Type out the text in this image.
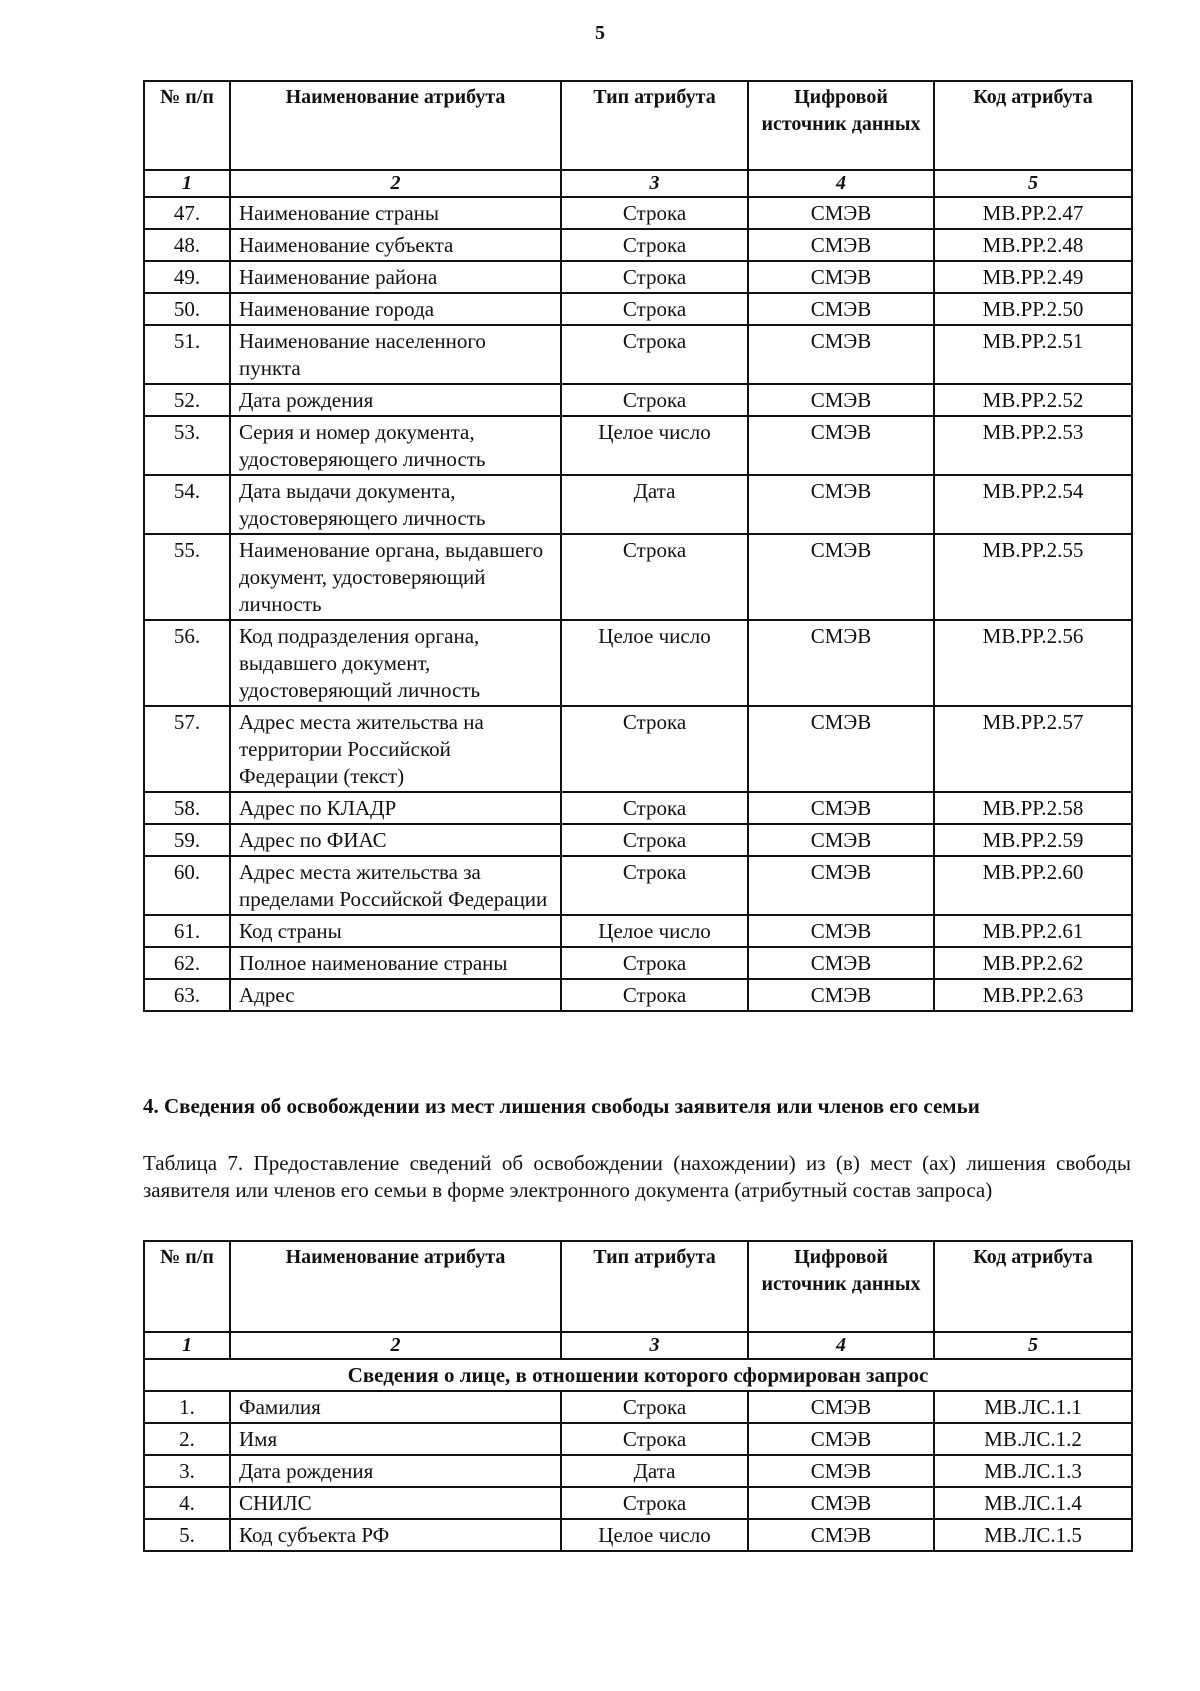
5
№ п/п	Наименование атрибута	Тип атрибута	Цифровой источник данных	Код атрибута
1	2	3	4	5
47.	Наименование страны	Строка	СМЭВ	МВ.РР.2.47
48.	Наименование субъекта	Строка	СМЭВ	МВ.РР.2.48
49.	Наименование района	Строка	СМЭВ	МВ.РР.2.49
50.	Наименование города	Строка	СМЭВ	МВ.РР.2.50
51.	Наименование населенного пункта	Строка	СМЭВ	МВ.РР.2.51
52.	Дата рождения	Строка	СМЭВ	МВ.РР.2.52
53.	Серия и номер документа, удостоверяющего личность	Целое число	СМЭВ	МВ.РР.2.53
54.	Дата выдачи документа, удостоверяющего личность	Дата	СМЭВ	МВ.РР.2.54
55.	Наименование органа, выдавшего документ, удостоверяющий личность	Строка	СМЭВ	МВ.РР.2.55
56.	Код подразделения органа, выдавшего документ, удостоверяющий личность	Целое число	СМЭВ	МВ.РР.2.56
57.	Адрес места жительства на территории Российской Федерации (текст)	Строка	СМЭВ	МВ.РР.2.57
58.	Адрес по КЛАДР	Строка	СМЭВ	МВ.РР.2.58
59.	Адрес по ФИАС	Строка	СМЭВ	МВ.РР.2.59
60.	Адрес места жительства за пределами Российской Федерации	Строка	СМЭВ	МВ.РР.2.60
61.	Код страны	Целое число	СМЭВ	МВ.РР.2.61
62.	Полное наименование страны	Строка	СМЭВ	МВ.РР.2.62
63.	Адрес	Строка	СМЭВ	МВ.РР.2.63
4. Сведения об освобождении из мест лишения свободы заявителя или членов его семьи
Таблица 7. Предоставление сведений об освобождении (нахождении) из (в) мест (ах) лишения свободы заявителя или членов его семьи в форме электронного документа (атрибутный состав запроса)
№ п/п	Наименование атрибута	Тип атрибута	Цифровой источник данных	Код атрибута
1	2	3	4	5
Сведения о лице, в отношении которого сформирован запрос				
1.	Фамилия	Строка	СМЭВ	МВ.ЛС.1.1
2.	Имя	Строка	СМЭВ	МВ.ЛС.1.2
3.	Дата рождения	Дата	СМЭВ	МВ.ЛС.1.3
4.	СНИЛС	Строка	СМЭВ	МВ.ЛС.1.4
5.	Код субъекта РФ	Целое число	СМЭВ	МВ.ЛС.1.5
